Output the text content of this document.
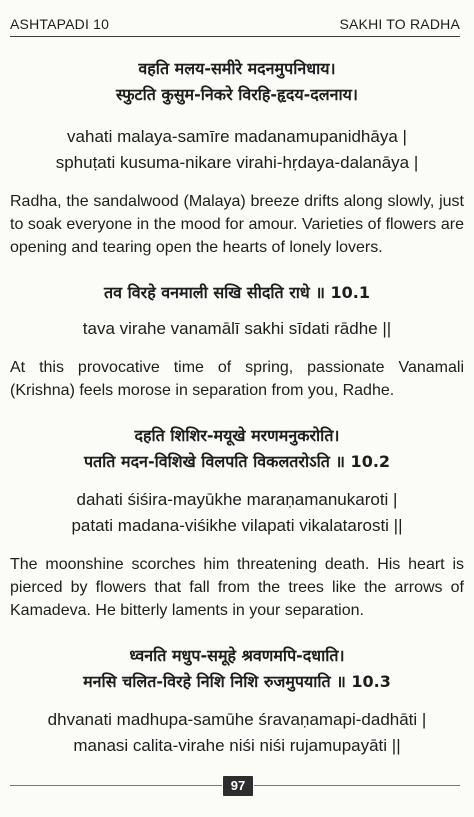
ASHTAPADI 10	SAKHI TO RADHA

वहति मलय-समीरे मदनमुपनिधाय।

स्फुटति कुसुम-निकरे विरहि-हृदय-दलनाय।

vahati malaya-samīre madanamupanidhāya |

sphuṭati kusuma-nikare virahi-hṛdaya-dalanāya |

Radha, the sandalwood (Malaya) breeze drifts along slowly, just to soak everyone in the mood for amour. Varieties of flowers are opening and tearing open the hearts of lonely lovers.

तव विरहे वनमाली सखि सीदति राधे ॥ 10.1

tava virahe vanamālī sakhi sīdati rādhe ||

At this provocative time of spring, passionate Vanamali (Krishna) feels morose in separation from you, Radhe.

दहति शिशिर-मयूखे मरणमनुकरोति।

पतति मदन-विशिखे विलपति विकलतरोऽति ॥ 10.2

dahati śiśira-mayūkhe maraṇamanukaroti |

patati madana-viśikhe vilapati vikalatarosti ||

The moonshine scorches him threatening death. His heart is pierced by flowers that fall from the trees like the arrows of Kamadeva. He bitterly laments in your separation.

ध्वनति मधुप-समूहे श्रवणमपि-दधाति।

मनसि चलित-विरहे निशि निशि रुजमुपयाति ॥ 10.3

dhvanati madhupa-samūhe śravaṇamapi-dadhāti |

manasi calita-virahe niśi niśi rujamupayāti ||

97
